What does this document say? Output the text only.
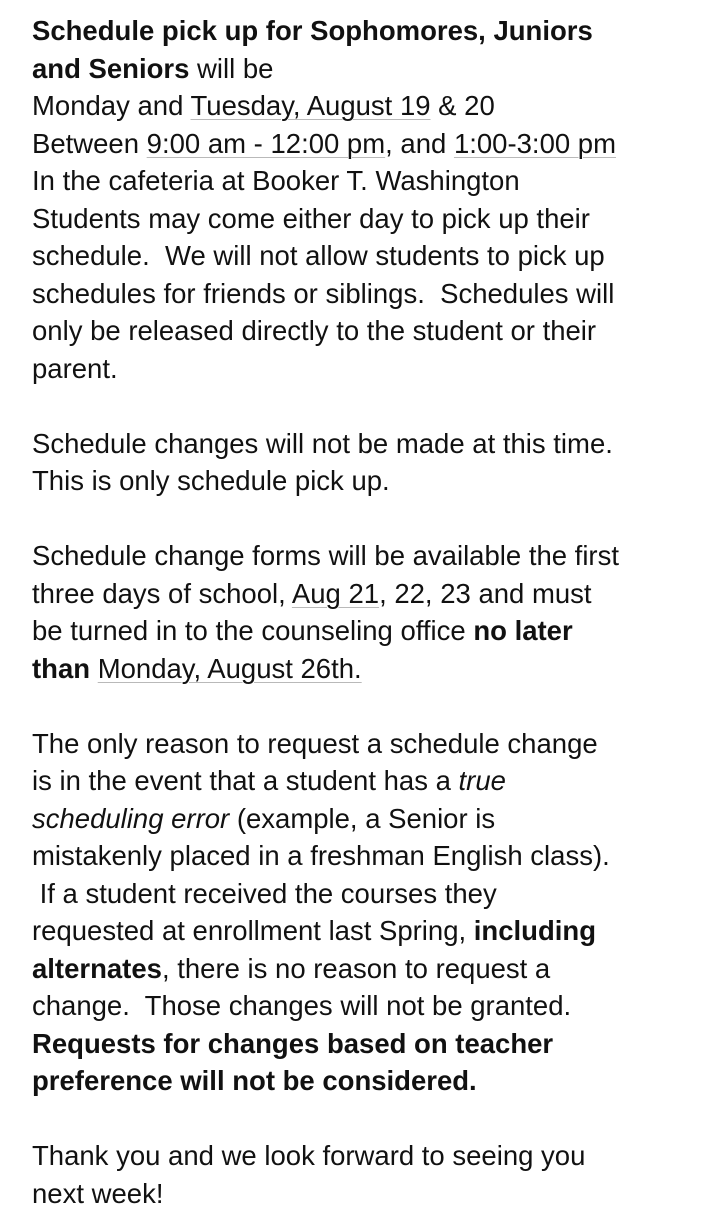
Schedule pick up for Sophomores, Juniors
and Seniors will be
Monday and Tuesday, August 19 & 20
Between 9:00 am - 12:00 pm, and 1:00-3:00 pm
In the cafeteria at Booker T. Washington
Students may come either day to pick up their
schedule.  We will not allow students to pick up
schedules for friends or siblings.  Schedules will
only be released directly to the student or their
parent.
Schedule changes will not be made at this time.
This is only schedule pick up.
Schedule change forms will be available the first
three days of school, Aug 21, 22, 23 and must
be turned in to the counseling office no later
than Monday, August 26th.
The only reason to request a schedule change
is in the event that a student has a true
scheduling error (example, a Senior is
mistakenly placed in a freshman English class).
If a student received the courses they
requested at enrollment last Spring, including
alternates, there is no reason to request a
change.  Those changes will not be granted.
Requests for changes based on teacher
preference will not be considered.
Thank you and we look forward to seeing you
next week!
